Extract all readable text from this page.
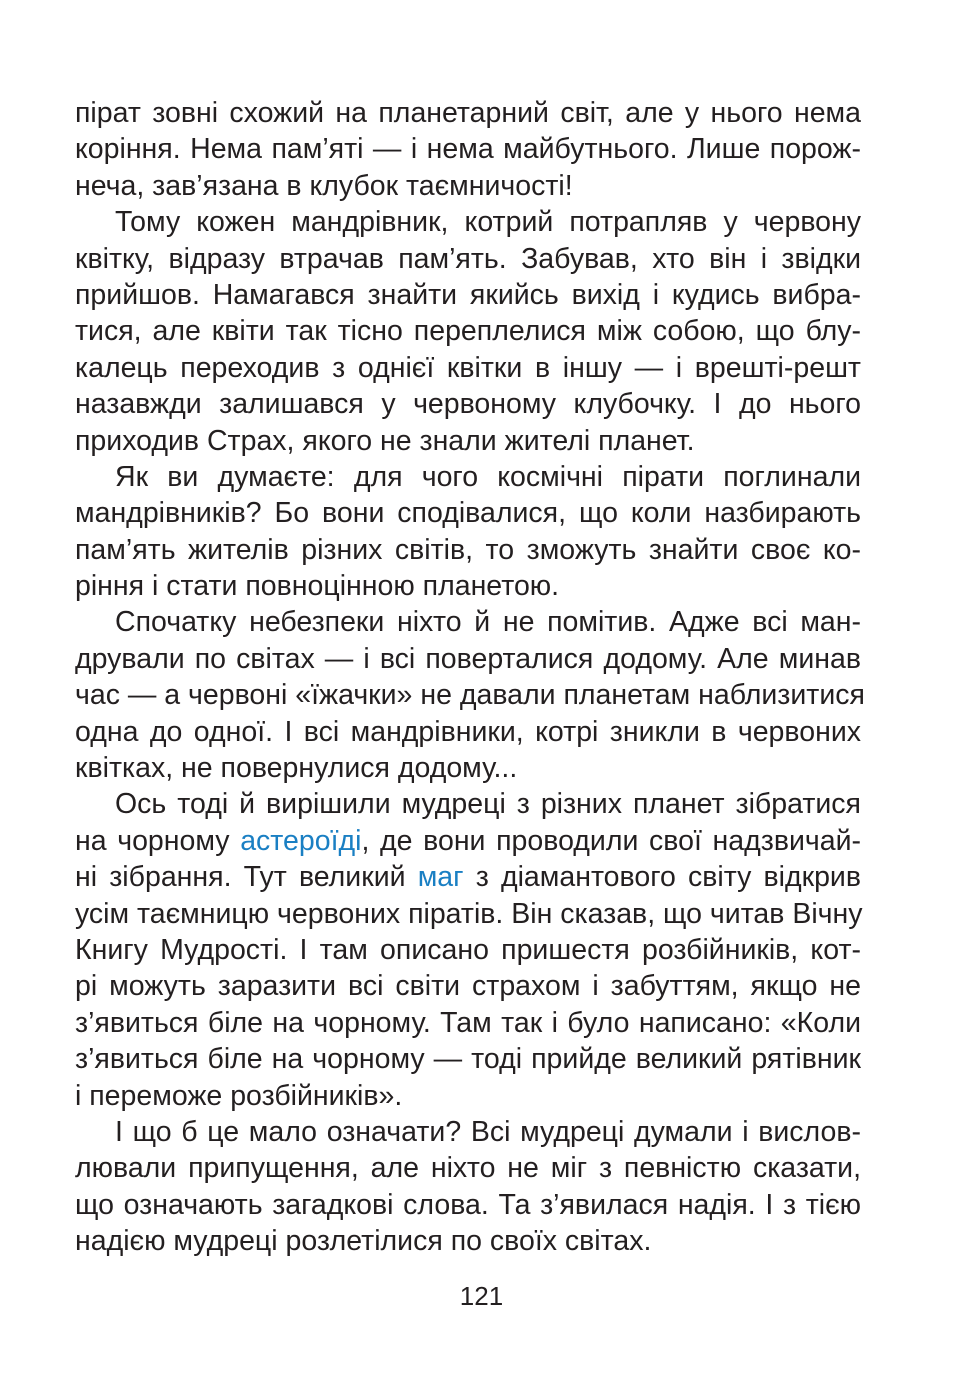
пірат зовні схожий на планетарний світ, але у нього нема
коріння. Нема пам’яті — і нема майбутнього. Лише порож-
неча, зав’язана в клубок таємничості!
Тому кожен мандрівник, котрий потрапляв у червону
квітку, відразу втрачав пам’ять. Забував, хто він і звідки
прийшов. Намагався знайти якийсь вихід і кудись вибра-
тися, але квіти так тісно переплелися між собою, що блу-
калець переходив з однієї квітки в іншу — і врешті-решт
назавжди залишався у червоному клубочку. І до нього
приходив Страх, якого не знали жителі планет.
Як ви думаєте: для чого космічні пірати поглинали
мандрівників? Бо вони сподівалися, що коли назбирають
пам’ять жителів різних світів, то зможуть знайти своє ко-
ріння і стати повноцінною планетою.
Спочатку небезпеки ніхто й не помітив. Адже всі ман-
дрували по світах — і всі поверталися додому. Але минав
час — а червоні «їжачки» не давали планетам наблизитися
одна до одної. І всі мандрівники, котрі зникли в червоних
квітках, не повернулися додому...
Ось тоді й вирішили мудреці з різних планет зібратися
на чорному астероїді, де вони проводили свої надзвичай-
ні зібрання. Тут великий маг з діамантового світу відкрив
усім таємницю червоних піратів. Він сказав, що читав Вічну
Книгу Мудрості. І там описано пришестя розбійників, кот-
рі можуть заразити всі світи страхом і забуттям, якщо не
з’явиться біле на чорному. Там так і було написано: «Коли
з’явиться біле на чорному — тоді прийде великий рятівник
і переможе розбійників».
І що б це мало означати? Всі мудреці думали і вислов-
лювали припущення, але ніхто не міг з певністю сказати,
що означають загадкові слова. Та з’явилася надія. І з тією
надією мудреці розлетілися по своїх світах.
121
